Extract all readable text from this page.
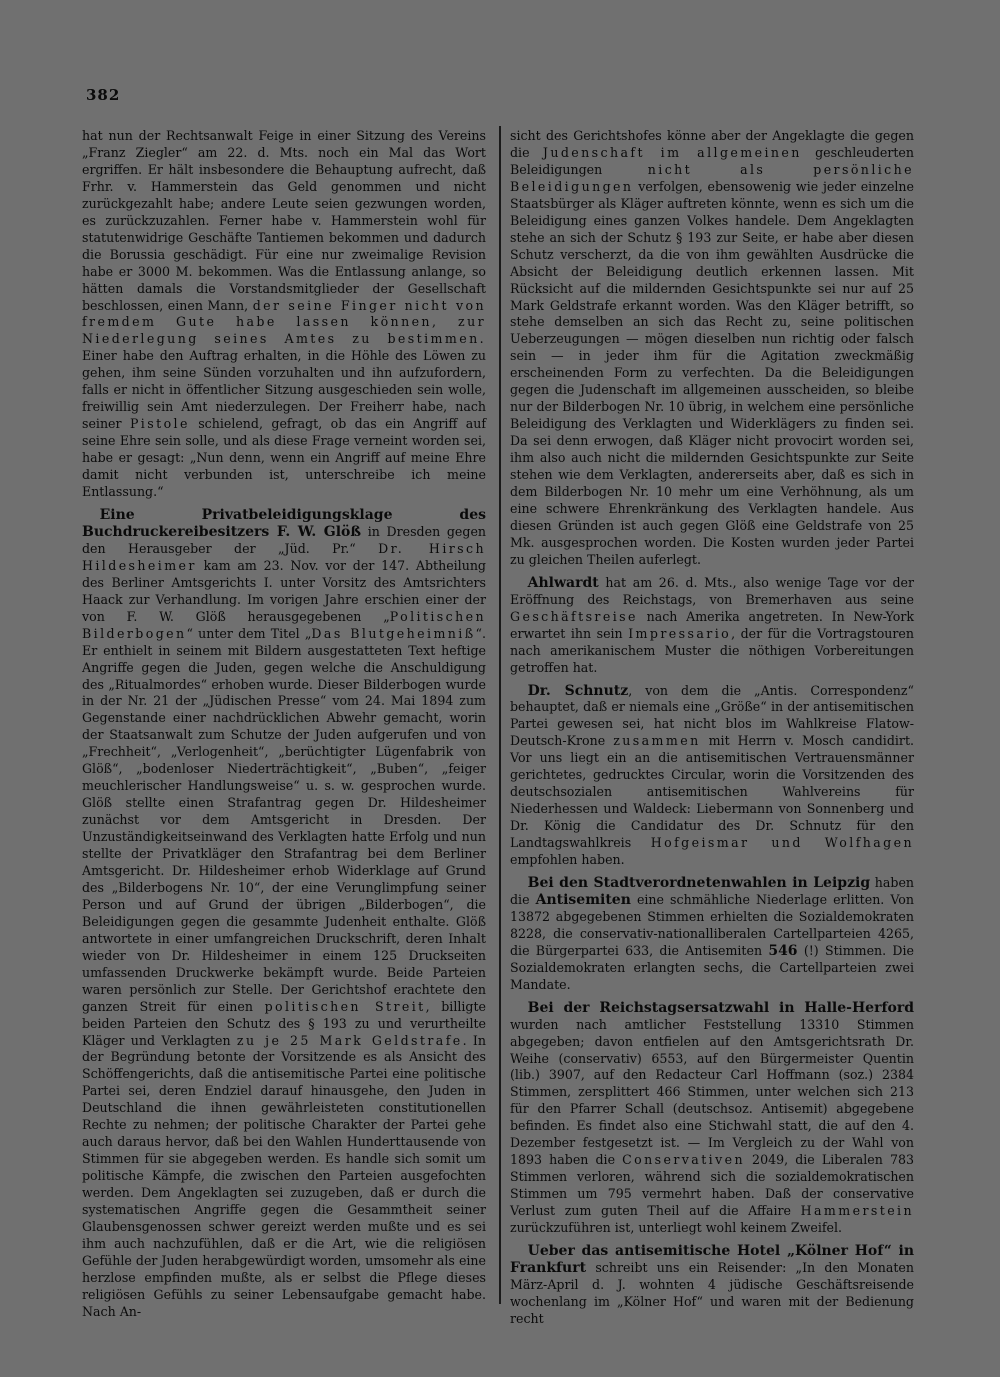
382

hat nun der Rechtsanwalt Feige in einer Sitzung des Vereins „Franz Ziegler“ am 22. d. Mts. noch ein Mal das Wort ergriffen. Er hält insbesondere die Behauptung aufrecht, daß Frhr. v. Hammerstein das Geld genommen und nicht zurückgezahlt habe; andere Leute seien gezwungen worden, es zurückzuzahlen. Ferner habe v. Hammerstein wohl für statutenwidrige Geschäfte Tantiemen bekommen und dadurch die Borussia geschädigt. Für eine nur zweimalige Revision habe er 3000 M. bekommen. Was die Entlassung anlange, so hätten damals die Vorstandsmitglieder der Gesellschaft beschlossen, einen Mann, der seine Finger nicht von fremdem Gute habe lassen können, zur Niederlegung seines Amtes zu bestimmen. Einer habe den Auftrag erhalten, in die Höhle des Löwen zu gehen, ihm seine Sünden vorzuhalten und ihn aufzufordern, falls er nicht in öffentlicher Sitzung ausgeschieden sein wolle, freiwillig sein Amt niederzulegen. Der Freiherr habe, nach seiner Pistole schielend, gefragt, ob das ein Angriff auf seine Ehre sein solle, und als diese Frage verneint worden sei, habe er gesagt: „Nun denn, wenn ein Angriff auf meine Ehre damit nicht verbunden ist, unterschreibe ich meine Entlassung.“

Eine Privatbeleidigungsklage des Buchdruckereibesitzers F. W. Glöß in Dresden gegen den Herausgeber der „Jüd. Pr.“ Dr. Hirsch Hildesheimer kam am 23. Nov. vor der 147. Abtheilung des Berliner Amtsgerichts I. unter Vorsitz des Amtsrichters Haack zur Verhandlung. Im vorigen Jahre erschien einer der von F. W. Glöß herausgegebenen „Politischen Bilderbogen“ unter dem Titel „Das Blutgeheimniß“. Er enthielt in seinem mit Bildern ausgestatteten Text heftige Angriffe gegen die Juden, gegen welche die Anschuldigung des „Ritualmordes“ erhoben wurde. Dieser Bilderbogen wurde in der Nr. 21 der „Jüdischen Presse“ vom 24. Mai 1894 zum Gegenstande einer nachdrücklichen Abwehr gemacht, worin der Staatsanwalt zum Schutze der Juden aufgerufen und von „Frechheit“, „Verlogenheit“, „berüchtigter Lügenfabrik von Glöß“, „bodenloser Niederträchtigkeit“, „Buben“, „feiger meuchlerischer Handlungsweise“ u. s. w. gesprochen wurde. Glöß stellte einen Strafantrag gegen Dr. Hildesheimer zunächst vor dem Amtsgericht in Dresden. Der Unzuständigkeitseinwand des Verklagten hatte Erfolg und nun stellte der Privatkläger den Strafantrag bei dem Berliner Amtsgericht. Dr. Hildesheimer erhob Widerklage auf Grund des „Bilderbogens Nr. 10“, der eine Verunglimpfung seiner Person und auf Grund der übrigen „Bilderbogen“, die Beleidigungen gegen die gesammte Judenheit enthalte. Glöß antwortete in einer umfangreichen Druckschrift, deren Inhalt wieder von Dr. Hildesheimer in einem 125 Druckseiten umfassenden Druckwerke bekämpft wurde. Beide Parteien waren persönlich zur Stelle. Der Gerichtshof erachtete den ganzen Streit für einen politischen Streit, billigte beiden Parteien den Schutz des § 193 zu und verurtheilte Kläger und Verklagten zu je 25 Mark Geldstrafe. In der Begründung betonte der Vorsitzende es als Ansicht des Schöffengerichts, daß die antisemitische Partei eine politische Partei sei, deren Endziel darauf hinausgehe, den Juden in Deutschland die ihnen gewährleisteten constitutionellen Rechte zu nehmen; der politische Charakter der Partei gehe auch daraus hervor, daß bei den Wahlen Hunderttausende von Stimmen für sie abgegeben werden. Es handle sich somit um politische Kämpfe, die zwischen den Parteien ausgefochten werden. Dem Angeklagten sei zuzugeben, daß er durch die systematischen Angriffe gegen die Gesammtheit seiner Glaubensgenossen schwer gereizt werden mußte und es sei ihm auch nachzufühlen, daß er die Art, wie die religiösen Gefühle der Juden herabgewürdigt worden, umsomehr als eine herzlose empfinden mußte, als er selbst die Pflege dieses religiösen Gefühls zu seiner Lebensaufgabe gemacht habe. Nach An-

sicht des Gerichtshofes könne aber der Angeklagte die gegen die Judenschaft im allgemeinen geschleuderten Beleidigungen nicht als persönliche Beleidigungen verfolgen, ebensowenig wie jeder einzelne Staatsbürger als Kläger auftreten könnte, wenn es sich um die Beleidigung eines ganzen Volkes handele. Dem Angeklagten stehe an sich der Schutz § 193 zur Seite, er habe aber diesen Schutz verscherzt, da die von ihm gewählten Ausdrücke die Absicht der Beleidigung deutlich erkennen lassen. Mit Rücksicht auf die mildernden Gesichtspunkte sei nur auf 25 Mark Geldstrafe erkannt worden. Was den Kläger betrifft, so stehe demselben an sich das Recht zu, seine politischen Ueberzeugungen — mögen dieselben nun richtig oder falsch sein — in jeder ihm für die Agitation zweckmäßig erscheinenden Form zu verfechten. Da die Beleidigungen gegen die Judenschaft im allgemeinen ausscheiden, so bleibe nur der Bilderbogen Nr. 10 übrig, in welchem eine persönliche Beleidigung des Verklagten und Widerklägers zu finden sei. Da sei denn erwogen, daß Kläger nicht provocirt worden sei, ihm also auch nicht die mildernden Gesichtspunkte zur Seite stehen wie dem Verklagten, andererseits aber, daß es sich in dem Bilderbogen Nr. 10 mehr um eine Verhöhnung, als um eine schwere Ehrenkränkung des Verklagten handele. Aus diesen Gründen ist auch gegen Glöß eine Geldstrafe von 25 Mk. ausgesprochen worden. Die Kosten wurden jeder Partei zu gleichen Theilen auferlegt.

Ahlwardt hat am 26. d. Mts., also wenige Tage vor der Eröffnung des Reichstags, von Bremerhaven aus seine Geschäftsreise nach Amerika angetreten. In New-York erwartet ihn sein Impressario, der für die Vortragstouren nach amerikanischem Muster die nöthigen Vorbereitungen getroffen hat.

Dr. Schnutz, von dem die „Antis. Correspondenz“ behauptet, daß er niemals eine „Größe“ in der antisemitischen Partei gewesen sei, hat nicht blos im Wahlkreise Flatow-Deutsch-Krone zusammen mit Herrn v. Mosch candidirt. Vor uns liegt ein an die antisemitischen Vertrauensmänner gerichtetes, gedrucktes Circular, worin die Vorsitzenden des deutschsozialen antisemitischen Wahlvereins für Niederhessen und Waldeck: Liebermann von Sonnenberg und Dr. König die Candidatur des Dr. Schnutz für den Landtagswahlkreis Hofgeismar und Wolfhagen empfohlen haben.

Bei den Stadtverordnetenwahlen in Leipzig haben die Antisemiten eine schmähliche Niederlage erlitten. Von 13872 abgegebenen Stimmen erhielten die Sozialdemokraten 8228, die conservativ-nationalliberalen Cartellparteien 4265, die Bürgerpartei 633, die Antisemiten 546 (!) Stimmen. Die Sozialdemokraten erlangten sechs, die Cartellparteien zwei Mandate.

Bei der Reichstagsersatzwahl in Halle-Herford wurden nach amtlicher Feststellung 13310 Stimmen abgegeben; davon entfielen auf den Amtsgerichtsrath Dr. Weihe (conservativ) 6553, auf den Bürgermeister Quentin (lib.) 3907, auf den Redacteur Carl Hoffmann (soz.) 2384 Stimmen, zersplittert 466 Stimmen, unter welchen sich 213 für den Pfarrer Schall (deutschsoz. Antisemit) abgegebene befinden. Es findet also eine Stichwahl statt, die auf den 4. Dezember festgesetzt ist. — Im Vergleich zu der Wahl von 1893 haben die Conservativen 2049, die Liberalen 783 Stimmen verloren, während sich die sozialdemokratischen Stimmen um 795 vermehrt haben. Daß der conservative Verlust zum guten Theil auf die Affaire Hammerstein zurückzuführen ist, unterliegt wohl keinem Zweifel.

Ueber das antisemitische Hotel „Kölner Hof“ in Frankfurt schreibt uns ein Reisender: „In den Monaten März-April d. J. wohnten 4 jüdische Geschäftsreisende wochenlang im „Kölner Hof“ und waren mit der Bedienung recht
